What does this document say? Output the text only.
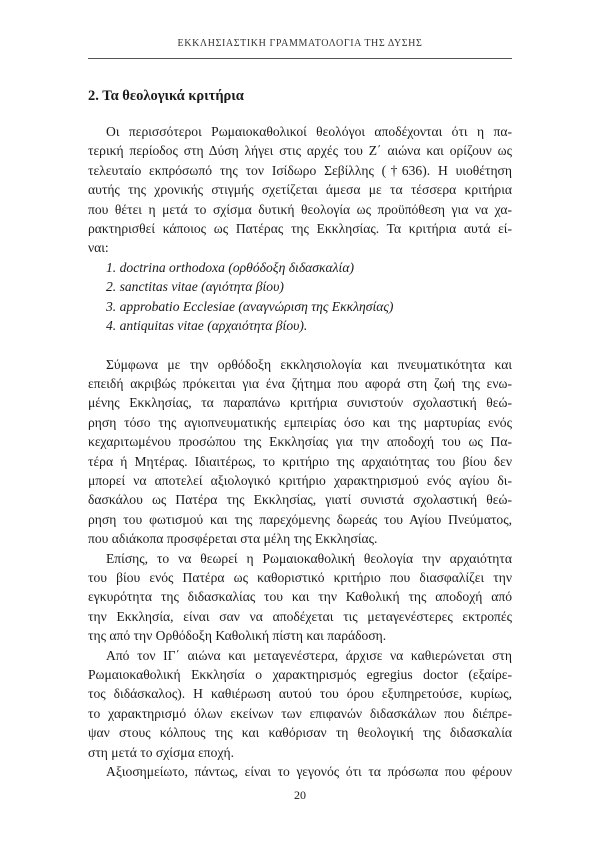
ΕΚΚΛΗΣΙΑΣΤΙΚΗ ΓΡΑΜΜΑΤΟΛΟΓΙΑ ΤΗΣ ΔΥΣΗΣ
2. Τα θεολογικά κριτήρια
Οι περισσότεροι Ρωμαιοκαθολικοί θεολόγοι αποδέχονται ότι η πα-
τερική περίοδος στη Δύση λήγει στις αρχές του Ζ΄ αιώνα και ορίζουν ως
τελευταίο εκπρόσωπό της τον Ισίδωρο Σεβίλλης (†636). Η υιοθέτηση
αυτής της χρονικής στιγμής σχετίζεται άμεσα με τα τέσσερα κριτήρια
που θέτει η μετά το σχίσμα δυτική θεολογία ως προϋπόθεση για να χα-
ρακτηρισθεί κάποιος ως Πατέρας της Εκκλησίας. Τα κριτήρια αυτά εί-
ναι:
1. doctrina orthodoxa (ορθόδοξη διδασκαλία)
2. sanctitas vitae (αγιότητα βίου)
3. approbatio Ecclesiae (αναγνώριση της Εκκλησίας)
4. antiquitas vitae (αρχαιότητα βίου).
Σύμφωνα με την ορθόδοξη εκκλησιολογία και πνευματικότητα και
επειδή ακριβώς πρόκειται για ένα ζήτημα που αφορά στη ζωή της ενω-
μένης Εκκλησίας, τα παραπάνω κριτήρια συνιστούν σχολαστική θεώ-
ρηση τόσο της αγιοπνευματικής εμπειρίας όσο και της μαρτυρίας ενός
κεχαριτωμένου προσώπου της Εκκλησίας για την αποδοχή του ως Πα-
τέρα ή Μητέρας. Ιδιαιτέρως, το κριτήριο της αρχαιότητας του βίου δεν
μπορεί να αποτελεί αξιολογικό κριτήριο χαρακτηρισμού ενός αγίου δι-
δασκάλου ως Πατέρα της Εκκλησίας, γιατί συνιστά σχολαστική θεώ-
ρηση του φωτισμού και της παρεχόμενης δωρεάς του Αγίου Πνεύματος,
που αδιάκοπα προσφέρεται στα μέλη της Εκκλησίας.
Επίσης, το να θεωρεί η Ρωμαιοκαθολική θεολογία την αρχαιότητα
του βίου ενός Πατέρα ως καθοριστικό κριτήριο που διασφαλίζει την
εγκυρότητα της διδασκαλίας του και την Καθολική της αποδοχή από
την Εκκλησία, είναι σαν να αποδέχεται τις μεταγενέστερες εκτροπές
της από την Ορθόδοξη Καθολική πίστη και παράδοση.
Από τον ΙΓ΄ αιώνα και μεταγενέστερα, άρχισε να καθιερώνεται στη
Ρωμαιοκαθολική Εκκλησία ο χαρακτηρισμός egregius doctor (εξαίρε-
τος διδάσκαλος). Η καθιέρωση αυτού του όρου εξυπηρετούσε, κυρίως,
το χαρακτηρισμό όλων εκείνων των επιφανών διδασκάλων που διέπρε-
ψαν στους κόλπους της και καθόρισαν τη θεολογική της διδασκαλία
στη μετά το σχίσμα εποχή.
Αξιοσημείωτο, πάντως, είναι το γεγονός ότι τα πρόσωπα που φέρουν
20
